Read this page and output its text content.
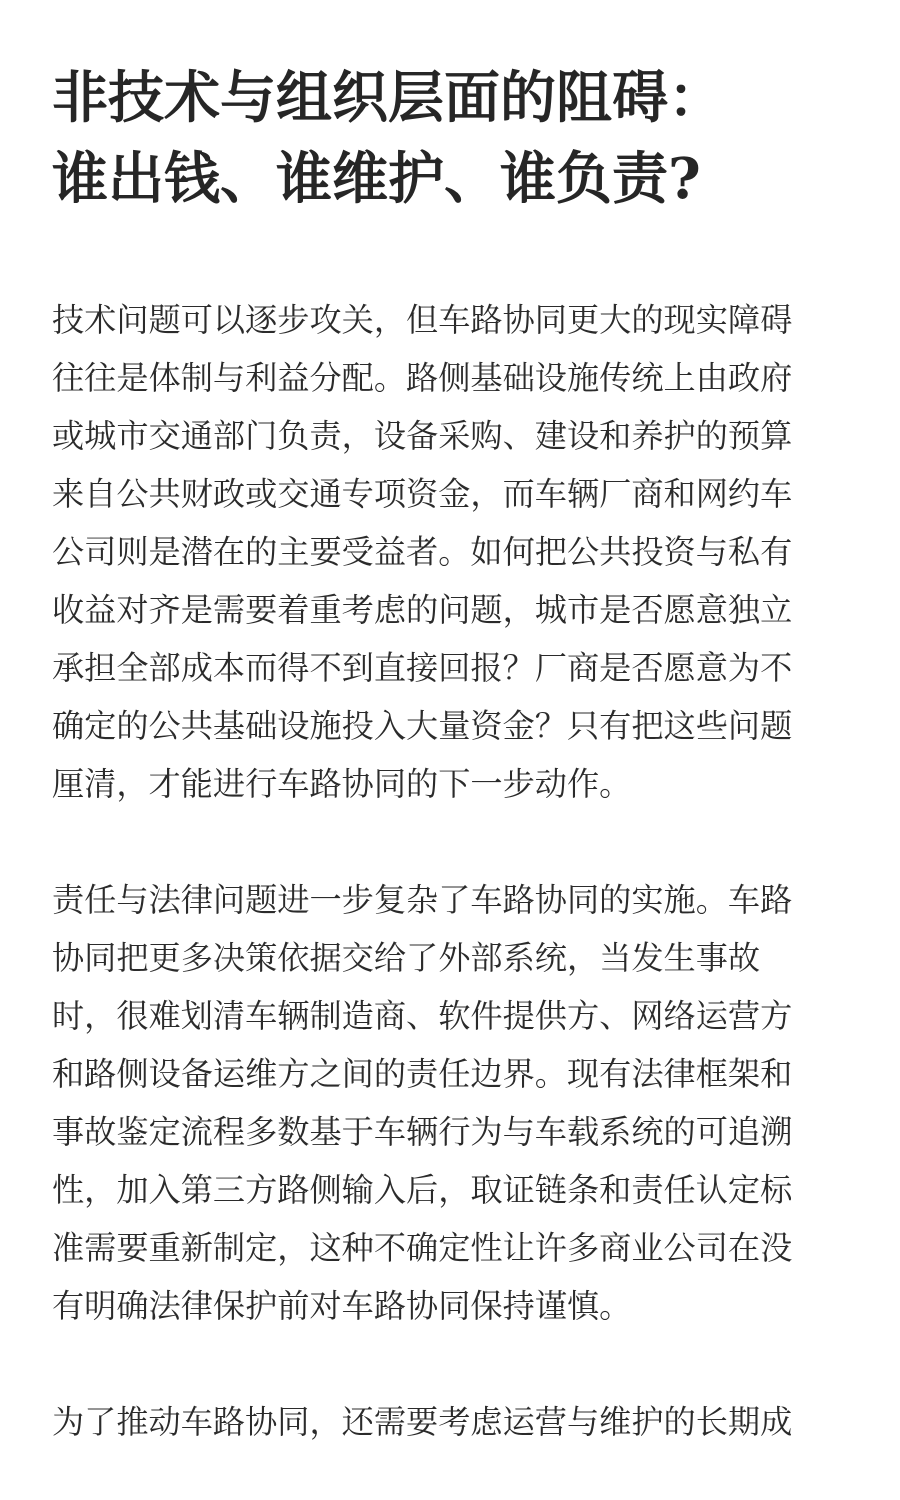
非技术与组织层面的阻碍：
谁出钱、谁维护、谁负责?

技术问题可以逐步攻关，但车路协同更大的现实障碍
往往是体制与利益分配。路侧基础设施传统上由政府
或城市交通部门负责，设备采购、建设和养护的预算
来自公共财政或交通专项资金，而车辆厂商和网约车
公司则是潜在的主要受益者。如何把公共投资与私有
收益对齐是需要着重考虑的问题，城市是否愿意独立
承担全部成本而得不到直接回报？厂商是否愿意为不
确定的公共基础设施投入大量资金？只有把这些问题
厘清，才能进行车路协同的下一步动作。

责任与法律问题进一步复杂了车路协同的实施。车路
协同把更多决策依据交给了外部系统，当发生事故
时，很难划清车辆制造商、软件提供方、网络运营方
和路侧设备运维方之间的责任边界。现有法律框架和
事故鉴定流程多数基于车辆行为与车载系统的可追溯
性，加入第三方路侧输入后，取证链条和责任认定标
准需要重新制定，这种不确定性让许多商业公司在没
有明确法律保护前对车路协同保持谨慎。

为了推动车路协同，还需要考虑运营与维护的长期成
